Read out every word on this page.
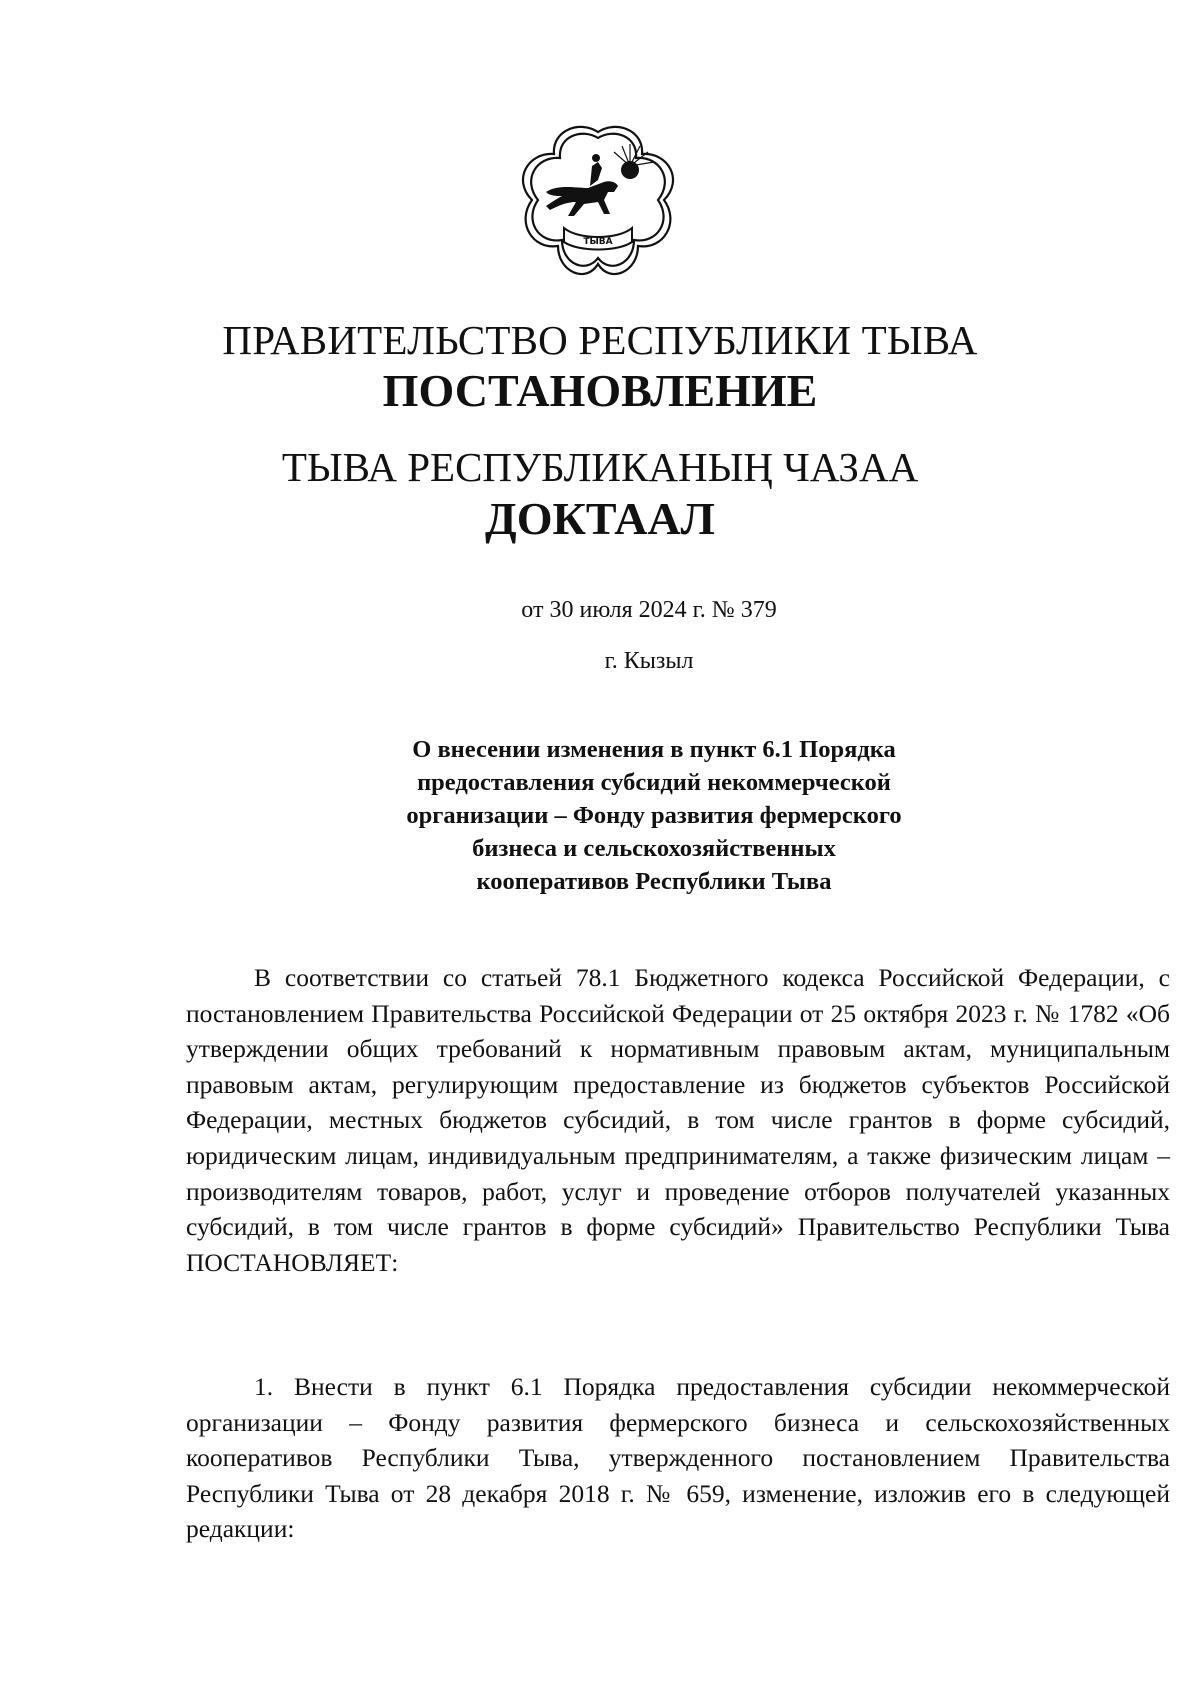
ТЫВА
ПРАВИТЕЛЬСТВО РЕСПУБЛИКИ ТЫВА
ПОСТАНОВЛЕНИЕ
ТЫВА РЕСПУБЛИКАНЫҢ ЧАЗАА
ДОКТААЛ
от 30 июля 2024 г. № 379
г. Кызыл
О внесении изменения в пункт 6.1 Порядка
предоставления субсидий некоммерческой
организации – Фонду развития фермерского
бизнеса и сельскохозяйственных
кооперативов Республики Тыва
В соответствии со статьей 78.1 Бюджетного кодекса Российской Федерации, с постановлением Правительства Российской Федерации от 25 октября 2023 г. № 1782 «Об утверждении общих требований к нормативным правовым актам, муниципальным правовым актам, регулирующим предоставление из бюджетов субъектов Российской Федерации, местных бюджетов субсидий, в том числе грантов в форме субсидий, юридическим лицам, индивидуальным предпринимателям, а также физическим лицам – производителям товаров, работ, услуг и проведение отборов получателей указанных субсидий, в том числе грантов в форме субсидий» Правительство Республики Тыва ПОСТАНОВЛЯЕТ:
1. Внести в пункт 6.1 Порядка предоставления субсидии некоммерческой организации – Фонду развития фермерского бизнеса и сельскохозяйственных кооперативов Республики Тыва, утвержденного постановлением Правительства Республики Тыва от 28 декабря 2018 г. № 659, изменение, изложив его в следующей редакции:
